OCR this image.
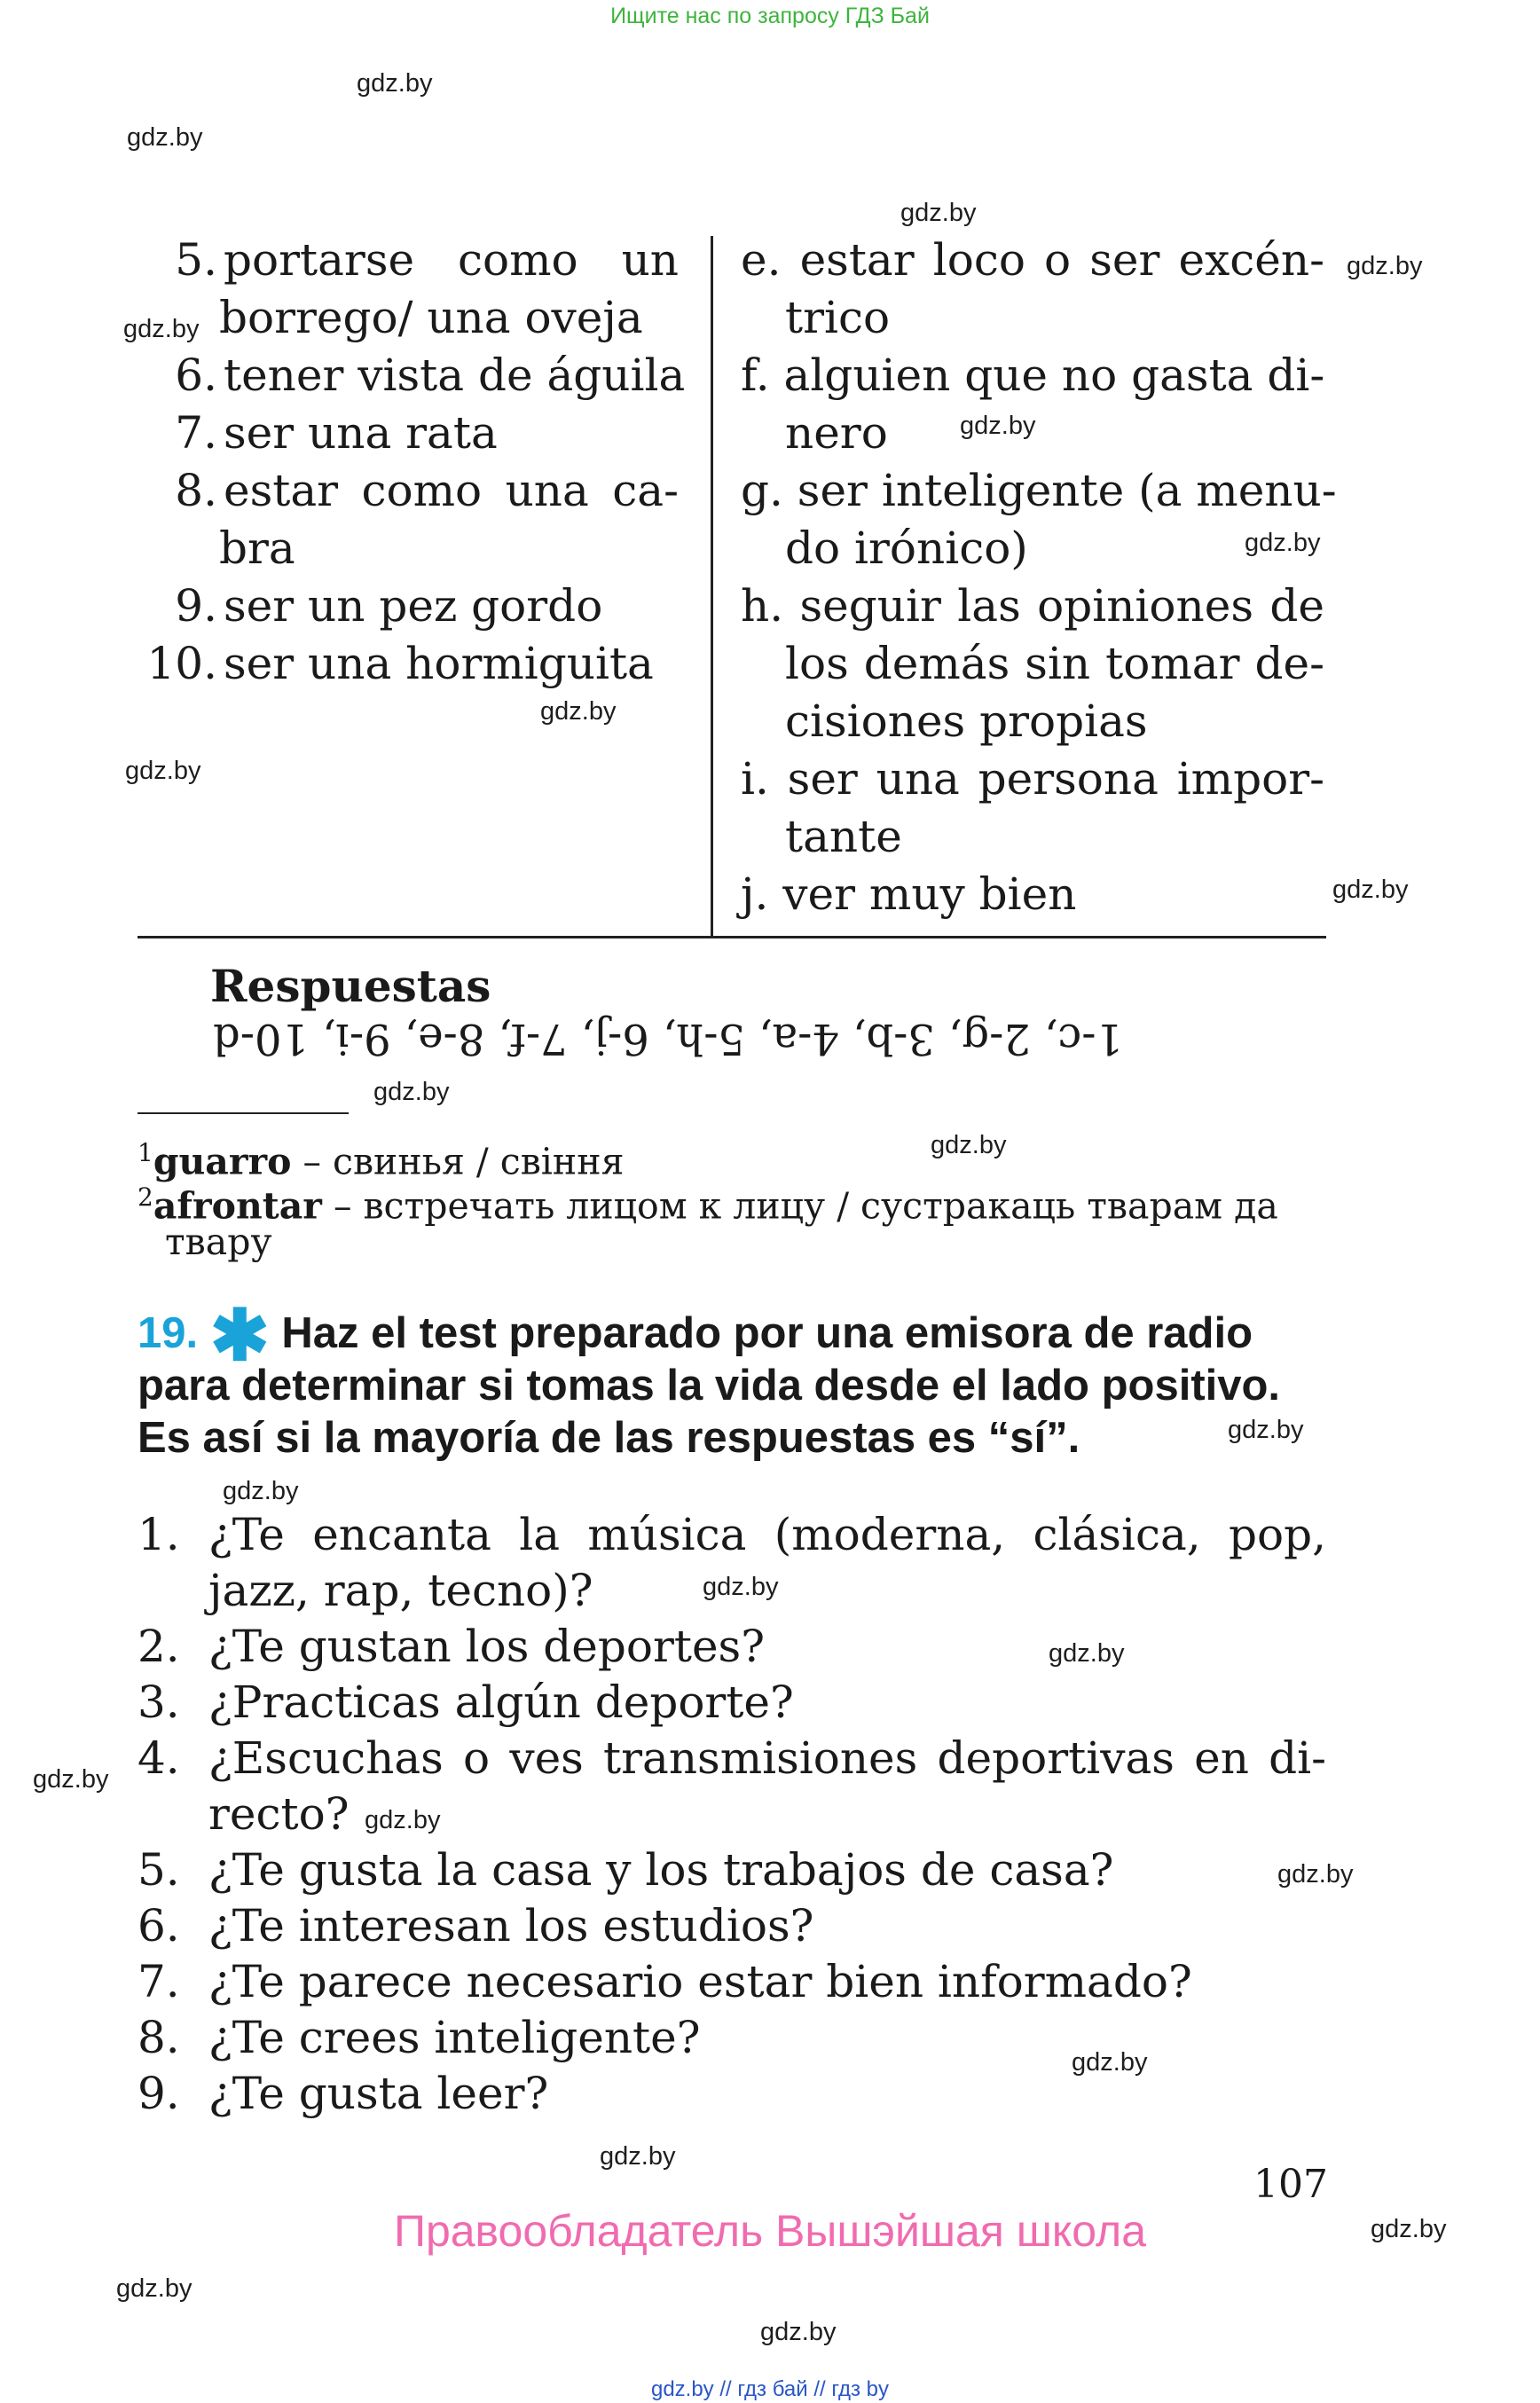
Ищите нас по запросу ГДЗ Бай
gdz.by
gdz.by
gdz.by
gdz.by
gdz.by
gdz.by
gdz.by
gdz.by
gdz.by
gdz.by
gdz.by
gdz.by
gdz.by
gdz.by
gdz.by
gdz.by
gdz.by
gdz.by
gdz.by
gdz.by
gdz.by
gdz.by
gdz.by
gdz.by
5. portarse como un
borrego/ una oveja
6. tener vista de águila
7. ser una rata
8. estar como una ca-
bra
9. ser un pez gordo
10. ser una hormiguita
e. estar loco o ser excén-
trico
f. alguien que no gasta di-
nero
g. ser inteligente (a menu-
do irónico)
h. seguir las opiniones de
los demás sin tomar de-
cisiones propias
i. ser una persona impor-
tante
j. ver muy bien
Respuestas
1-c, 2-g, 3-b, 4-a, 5-h, 6-j, 7-f, 8-e, 9-i, 10-d
$^1$guarro – свинья / свіння
$^2$afrontar – встречать лицом к лицу / сустракаць тварам да
твару
19. ✱ Haz el test preparado por una emisora de radio
para determinar si tomas la vida desde el lado positivo.
Es así si la mayoría de las respuestas es “sí”.
1. ¿Te encanta la música (moderna, clásica, pop,
jazz, rap, tecno)?
2. ¿Te gustan los deportes?
3. ¿Practicas algún deporte?
4. ¿Escuchas o ves transmisiones deportivas en di-
recto?
5. ¿Te gusta la casa y los trabajos de casa?
6. ¿Te interesan los estudios?
7. ¿Te parece necesario estar bien informado?
8. ¿Te crees inteligente?
9. ¿Te gusta leer?
107
Правообладатель Вышэйшая школа
gdz.by // гдз бай // гдз by
